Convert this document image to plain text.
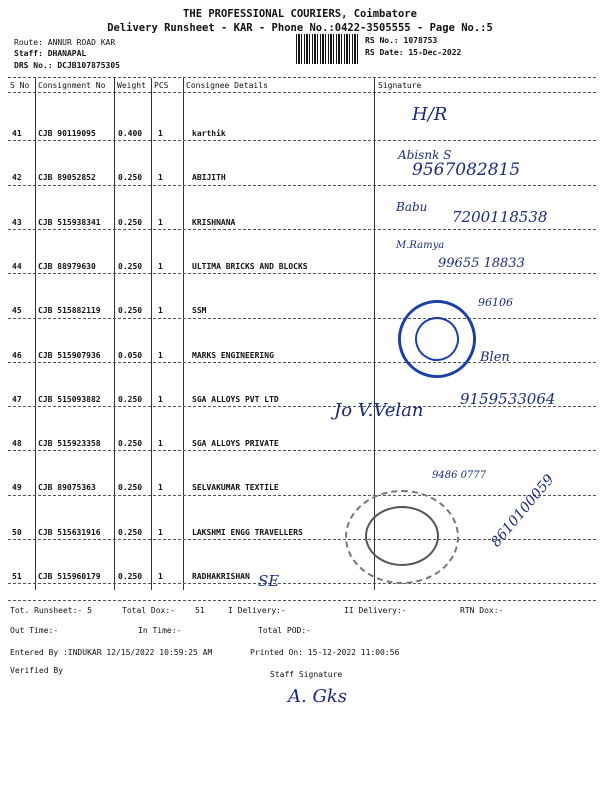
THE PROFESSIONAL COURIERS, Coimbatore
Delivery Runsheet - KAR - Phone No.:0422-3505555 - Page No.:5
Route: ANNUR ROAD KAR
Staff: DHANAPAL
DRS No.: DCJB107875305
RS No.: 1078753
RS Date: 15-Dec-2022
S No Consignment No Weight PCS Consignee Details	Signature
41 CJB 90119095	0.400 1	karthik
42 CJB 89052852	0.250 1	ABIJITH
43 CJB 515938341 0.250 1	KRISHNANA
44 CJB 88979630	0.250 1	ULTIMA BRICKS AND BLOCKS
45 CJB 515882119 0.250 1	SSM
46 CJB 515907936 0.050 1	MARKS ENGINEERING
47 CJB 515093882 0.250 1	SGA ALLOYS PVT LTD
48 CJB 515923358 0.250 1	SGA ALLOYS PRIVATE
49 CJB 89075363	0.250 1	SELVAKUMAR TEXTILE
50 CJB 515631916 0.250 1	LAKSHMI ENGG TRAVELLERS
51 CJB 515960179 0.250 1	RADHAKRISHAN
H/R
Abisnk S
9567082815
Babu
7200118538
M.Ramya
99655 18833
96106
Blen
9159533064
Jo V.Velan
9486 0777
SE
8610100059
Tot. Runsheet:- 5	Total Dox:-	51	I Delivery:-	II Delivery:-	RTN Dox:-
Out Time:-	In Time:-	Total POD:-
Entered By :INDUKAR 12/15/2022 10:59:25 AM	Printed On: 15-12-2022 11:00:56
Verified By	Staff Signature
A. Gks
